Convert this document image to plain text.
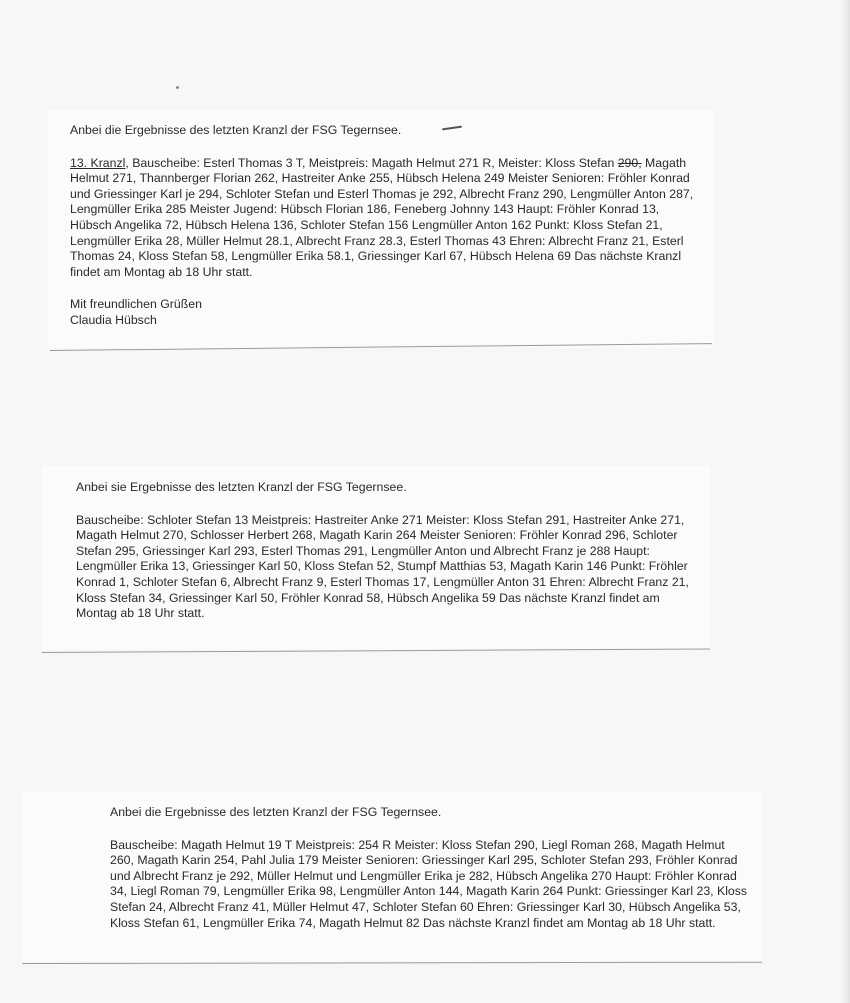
Anbei die Ergebnisse des letzten Kranzl der FSG Tegernsee.

13. Kranzl, Bauscheibe: Esterl Thomas 3 T, Meistpreis: Magath Helmut 271 R, Meister: Kloss Stefan 290, Magath Helmut 271, Thannberger Florian 262, Hastreiter Anke 255, Hübsch Helena 249 Meister Senioren: Fröhler Konrad und Griessinger Karl je 294, Schloter Stefan und Esterl Thomas je 292, Albrecht Franz 290, Lengmüller Anton 287, Lengmüller Erika 285 Meister Jugend: Hübsch Florian 186, Feneberg Johnny 143 Haupt: Fröhler Konrad 13, Hübsch Angelika 72, Hübsch Helena 136, Schloter Stefan 156 Lengmüller Anton 162 Punkt: Kloss Stefan 21, Lengmüller Erika 28, Müller Helmut 28.1, Albrecht Franz 28.3, Esterl Thomas 43 Ehren: Albrecht Franz 21, Esterl Thomas 24, Kloss Stefan 58, Lengmüller Erika 58.1, Griessinger Karl 67, Hübsch Helena 69 Das nächste Kranzl findet am Montag ab 18 Uhr statt.

Mit freundlichen Grüßen
Claudia Hübsch

Anbei sie Ergebnisse des letzten Kranzl der FSG Tegernsee.

Bauscheibe: Schloter Stefan 13 Meistpreis: Hastreiter Anke 271 Meister: Kloss Stefan 291, Hastreiter Anke 271, Magath Helmut 270, Schlosser Herbert 268, Magath Karin 264 Meister Senioren: Fröhler Konrad 296, Schloter Stefan 295, Griessinger Karl 293, Esterl Thomas 291, Lengmüller Anton und Albrecht Franz je 288 Haupt: Lengmüller Erika 13, Griessinger Karl 50, Kloss Stefan 52, Stumpf Matthias 53, Magath Karin 146 Punkt: Fröhler Konrad 1, Schloter Stefan 6, Albrecht Franz 9, Esterl Thomas 17, Lengmüller Anton 31 Ehren: Albrecht Franz 21, Kloss Stefan 34, Griessinger Karl 50, Fröhler Konrad 58, Hübsch Angelika 59 Das nächste Kranzl findet am Montag ab 18 Uhr statt.

Anbei die Ergebnisse des letzten Kranzl der FSG Tegernsee.

Bauscheibe: Magath Helmut 19 T Meistpreis: 254 R Meister: Kloss Stefan 290, Liegl Roman 268, Magath Helmut 260, Magath Karin 254, Pahl Julia 179 Meister Senioren: Griessinger Karl 295, Schloter Stefan 293, Fröhler Konrad und Albrecht Franz je 292, Müller Helmut und Lengmüller Erika je 282, Hübsch Angelika 270 Haupt: Fröhler Konrad 34, Liegl Roman 79, Lengmüller Erika 98, Lengmüller Anton 144, Magath Karin 264 Punkt: Griessinger Karl 23, Kloss Stefan 24, Albrecht Franz 41, Müller Helmut 47, Schloter Stefan 60 Ehren: Griessinger Karl 30, Hübsch Angelika 53, Kloss Stefan 61, Lengmüller Erika 74, Magath Helmut 82 Das nächste Kranzl findet am Montag ab 18 Uhr statt.
